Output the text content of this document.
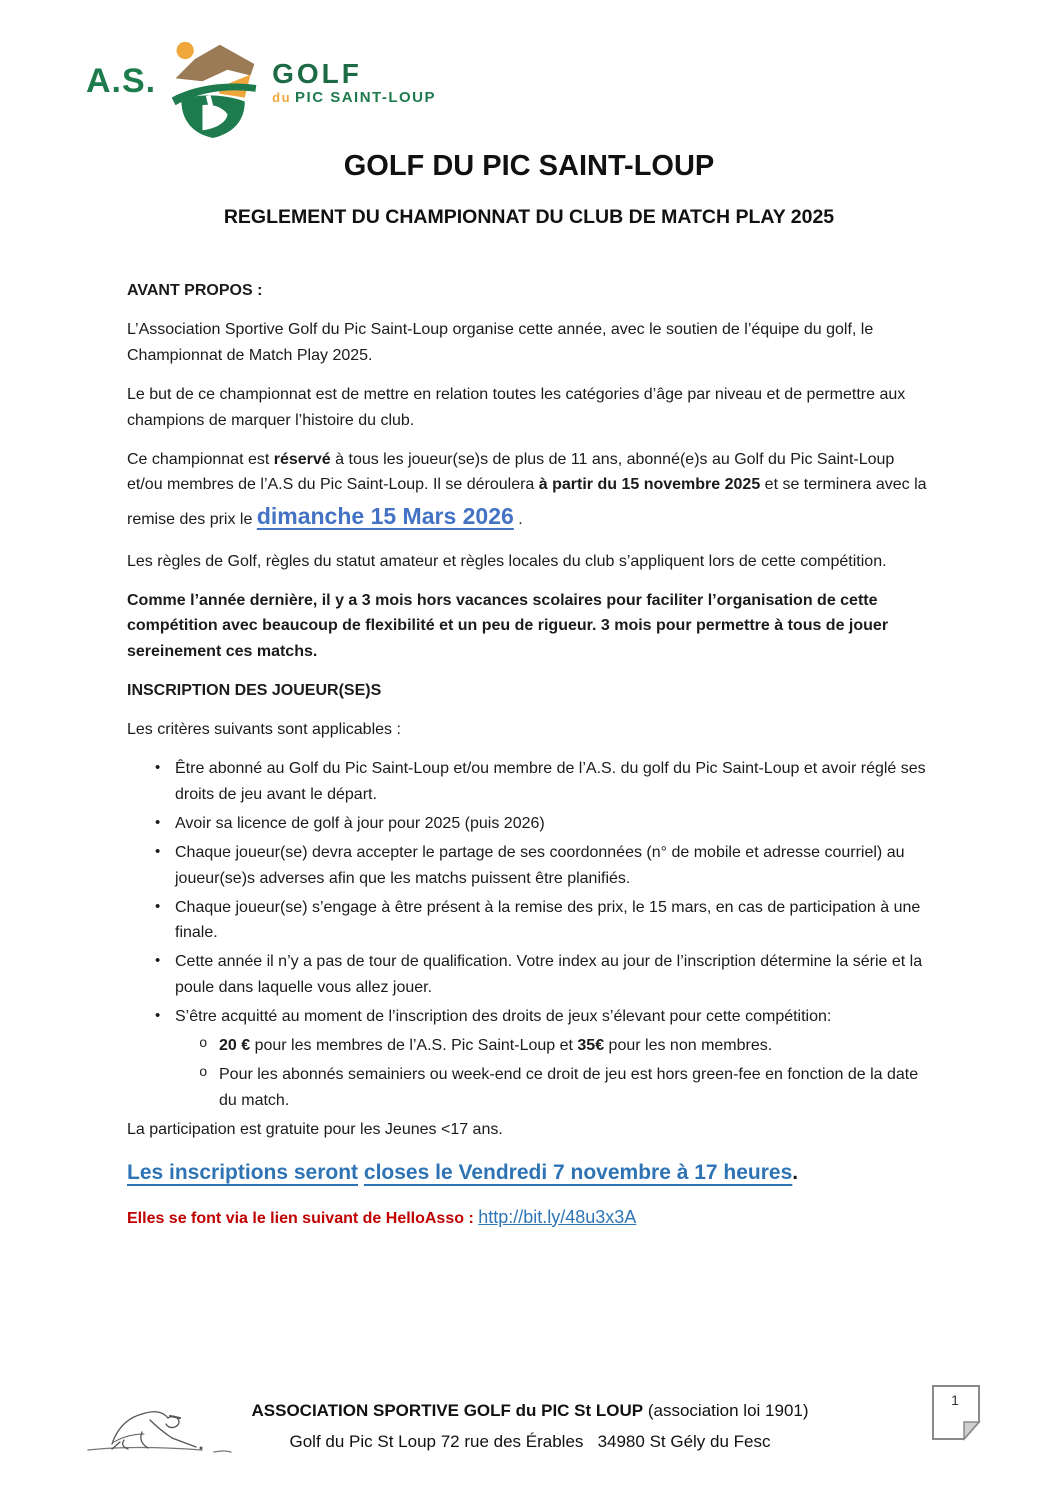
A.S.	GOLF
du PIC SAINT-LOUP
GOLF DU PIC SAINT-LOUP
REGLEMENT DU CHAMPIONNAT DU CLUB DE MATCH PLAY 2025

AVANT PROPOS :

L’Association Sportive Golf du Pic Saint-Loup organise cette année, avec le soutien de l’équipe du golf, le Championnat de Match Play 2025.

Le but de ce championnat est de mettre en relation toutes les catégories d’âge par niveau et de permettre aux champions de marquer l’histoire du club.

Ce championnat est réservé à tous les joueur(se)s de plus de 11 ans, abonné(e)s au Golf du Pic Saint-Loup et/ou membres de l’A.S du Pic Saint-Loup. Il se déroulera à partir du 15 novembre 2025 et se terminera avec la remise des prix le dimanche 15 Mars 2026 .

Les règles de Golf, règles du statut amateur et règles locales du club s’appliquent lors de cette compétition.

Comme l’année dernière, il y a 3 mois hors vacances scolaires pour faciliter l’organisation de cette compétition avec beaucoup de flexibilité et un peu de rigueur. 3 mois pour permettre à tous de jouer sereinement ces matchs.

INSCRIPTION DES JOUEUR(SE)S

Les critères suivants sont applicables :

• Être abonné au Golf du Pic Saint-Loup et/ou membre de l’A.S. du golf du Pic Saint-Loup et avoir réglé ses droits de jeu avant le départ.
• Avoir sa licence de golf à jour pour 2025 (puis 2026)
• Chaque joueur(se) devra accepter le partage de ses coordonnées (n° de mobile et adresse courriel) au joueur(se)s adverses afin que les matchs puissent être planifiés.
• Chaque joueur(se) s’engage à être présent à la remise des prix, le 15 mars, en cas de participation à une finale.
• Cette année il n’y a pas de tour de qualification. Votre index au jour de l’inscription détermine la série et la poule dans laquelle vous allez jouer.
• S’être acquitté au moment de l’inscription des droits de jeux s’élevant pour cette compétition:
o 20 € pour les membres de l’A.S. Pic Saint-Loup et 35€ pour les non membres.
o Pour les abonnés semainiers ou week-end ce droit de jeu est hors green-fee en fonction de la date du match.

La participation est gratuite pour les Jeunes <17 ans.

Les inscriptions seront closes le Vendredi 7 novembre à 17 heures.

Elles se font via le lien suivant de HelloAsso : http://bit.ly/48u3x3A

ASSOCIATION SPORTIVE GOLF du PIC St LOUP (association loi 1901)
Golf du Pic St Loup 72 rue des Érables   34980 St Gély du Fesc
1
